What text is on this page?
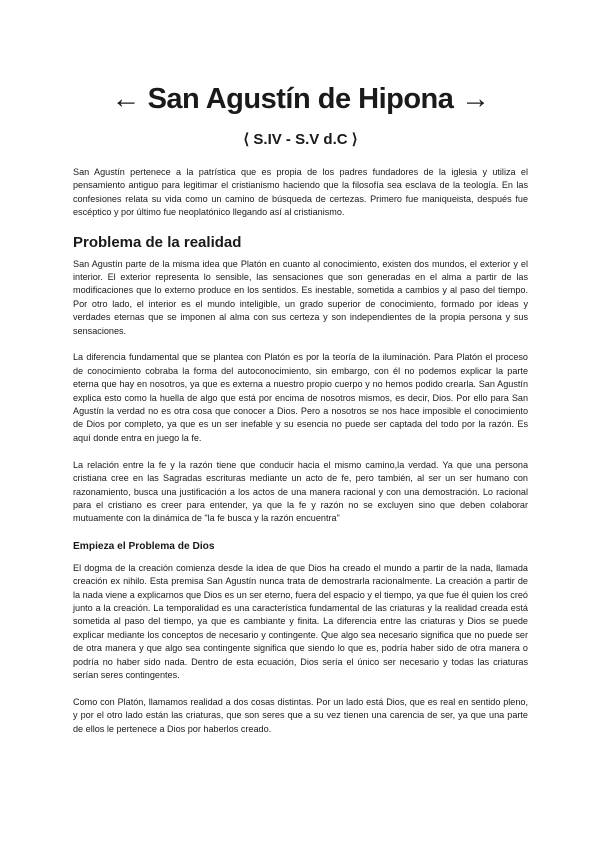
← San Agustín de Hipona →
⟨ S.IV - S.V d.C ⟩

San Agustín pertenece a la patrística que es propia de los padres fundadores de la iglesia y utiliza el pensamiento antiguo para legitimar el cristianismo haciendo que la filosofía sea esclava de la teología. En las confesiones relata su vida como un camino de búsqueda de certezas. Primero fue maniqueista, después fue escéptico y por último fue neoplatónico llegando así al cristianismo.

Problema de la realidad

San Agustín parte de la misma idea que Platón en cuanto al conocimiento, existen dos mundos, el exterior y el interior. El exterior representa lo sensible, las sensaciones que son generadas en el alma a partir de las modificaciones que lo externo produce en los sentidos. Es inestable, sometida a cambios y al paso del tiempo. Por otro lado, el interior es el mundo inteligible, un grado superior de conocimiento, formado por ideas y verdades eternas que se imponen al alma con sus certeza y son independientes de la propia persona y sus sensaciones.

La diferencia fundamental que se plantea con Platón es por la teoría de la iluminación. Para Platón el proceso de conocimiento cobraba la forma del autoconocimiento, sin embargo, con él no podemos explicar la parte eterna que hay en nosotros, ya que es externa a nuestro propio cuerpo y no hemos podido crearla. San Agustín explica esto como la huella de algo que está por encima de nosotros mismos, es decir, Dios. Por ello para San Agustín la verdad no es otra cosa que conocer a Dios. Pero a nosotros se nos hace imposible el conocimiento de Dios por completo, ya que es un ser inefable y su esencia no puede ser captada del todo por la razón. Es aquí donde entra en juego la fe.

La relación entre la fe y la razón tiene que conducir hacia el mismo camino,la verdad. Ya que una persona cristiana cree en las Sagradas escrituras mediante un acto de fe, pero también, al ser un ser humano con razonamiento, busca una justificación a los actos de una manera racional y con una demostración. Lo racional para el cristiano es creer para entender, ya que la fe y razón no se excluyen sino que deben colaborar mutuamente con la dinámica de "la fe busca y la razón encuentra"

Empieza el Problema de Dios

El dogma de la creación comienza desde la idea de que Dios ha creado el mundo a partir de la nada, llamada creación ex nihilo. Esta premisa San Agustín nunca trata de demostrarla racionalmente. La creación a partir de la nada viene a explicarnos que Dios es un ser eterno, fuera del espacio y el tiempo, ya que fue él quien los creó junto a la creación. La temporalidad es una característica fundamental de las criaturas y la realidad creada está sometida al paso del tiempo, ya que es cambiante y finita. La diferencia entre las criaturas y Dios se puede explicar mediante los conceptos de necesario y contingente. Que algo sea necesario significa que no puede ser de otra manera y que algo sea contingente significa que siendo lo que es, podría haber sido de otra manera o podría no haber sido nada. Dentro de esta ecuación, Dios sería el único ser necesario y todas las criaturas serían seres contingentes.

Como con Platón, llamamos realidad a dos cosas distintas. Por un lado está Dios, que es real en sentido pleno, y por el otro lado están las criaturas, que son seres que a su vez tienen una carencia de ser, ya que una parte de ellos le pertenece a Dios por haberlos creado.
